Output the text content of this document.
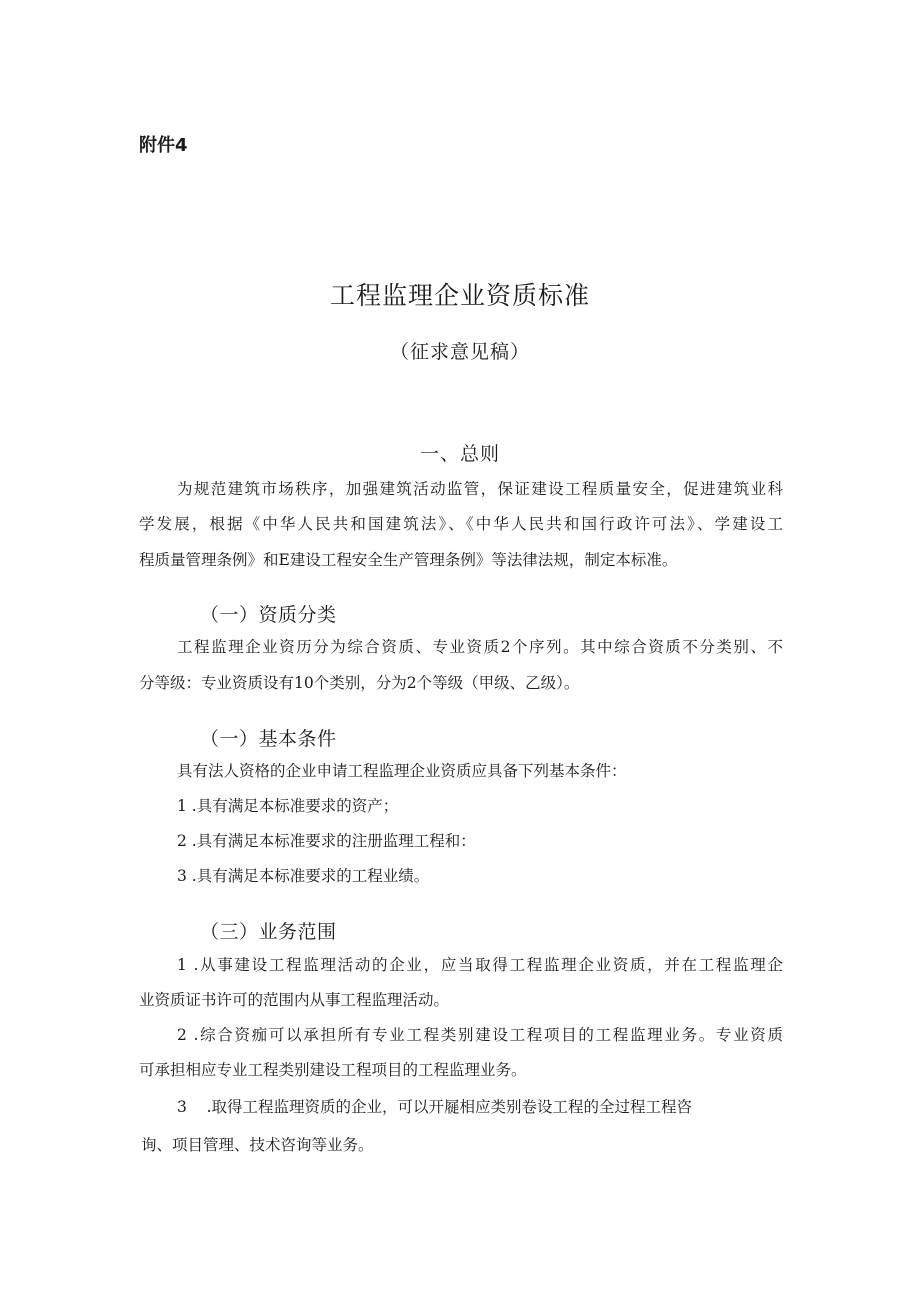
附件4
工程监理企业资质标准
（征求意见稿）
一、总则
为规范建筑市场秩序，加强建筑活动监管，保证建设工程质量安全，促进建筑业科
学发展，根据《中华人民共和国建筑法》、《中华人民共和国行政许可法》、学建设工
程质量管理条例》和E建设工程安全生产管理条例》等法律法规，制定本标准。
（一）资质分类
工程监理企业资历分为综合资质、专业资质2个序列。其中综合资质不分类别、不
分等级：专业资质设有10个类别，分为2个等级（甲级、乙级）。
（一）基本条件
具有法人资格的企业申请工程监理企业资质应具备下列基本条件：
1 .具有满足本标准要求的资产；
2 .具有满足本标准要求的注册监理工程和：
3 .具有满足本标准要求的工程业绩。
（三）业务范围
1 .从事建设工程监理活动的企业，应当取得工程监理企业资质，并在工程监理企
业资质证书许可的范围内从事工程监理活动。
2 .综合资痂可以承担所有专业工程类别建设工程项目的工程监理业务。专业资质
可承担相应专业工程类别建设工程项目的工程监理业务。
3    .取得工程监理资质的企业，可以开屣相应类别卷设工程的全过程工程咨
询、项目管理、技术咨询等业务。
